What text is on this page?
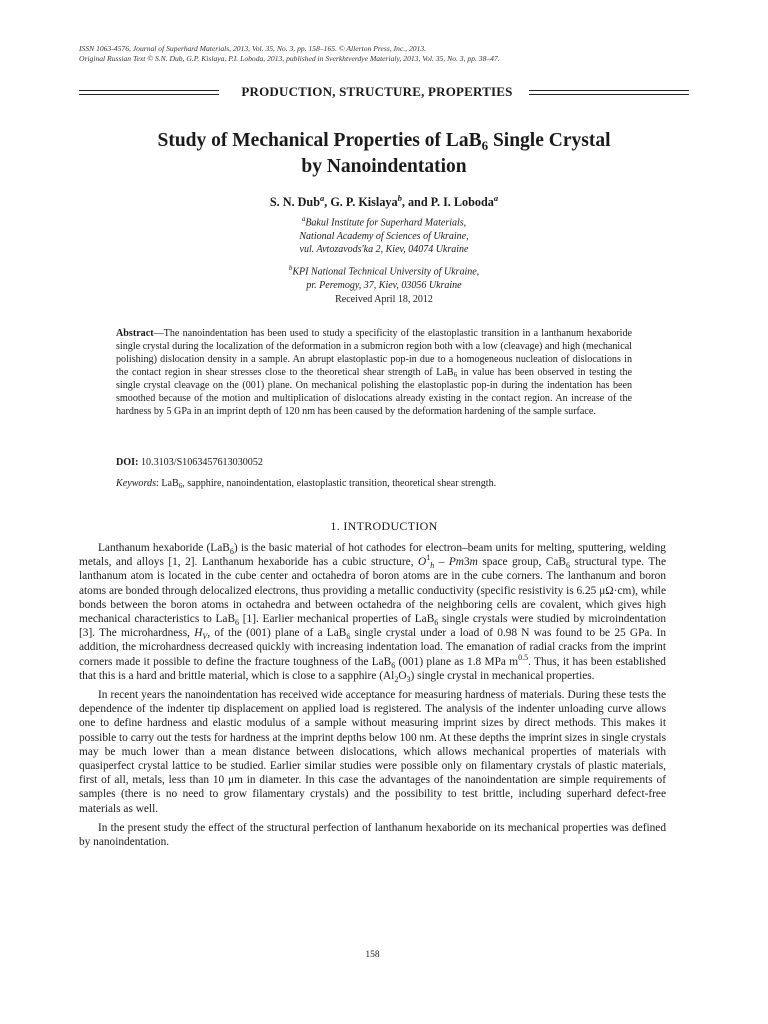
ISSN 1063-4576, Journal of Superhard Materials, 2013, Vol. 35, No. 3, pp. 158–165. © Allerton Press, Inc., 2013.
Original Russian Text © S.N. Dub, G.P. Kislaya, P.I. Loboda, 2013, published in Sverkhtverdye Materialy, 2013, Vol. 35, No. 3, pp. 38–47.
PRODUCTION, STRUCTURE, PROPERTIES
Study of Mechanical Properties of LaB$_6$ Single Crystal
by Nanoindentation
S. N. Dub$^a$, G. P. Kislaya$^b$, and P. I. Loboda$^a$
$^a$Bakul Institute for Superhard Materials,
National Academy of Sciences of Ukraine,
vul. Avtozavods'ka 2, Kiev, 04074 Ukraine
$^b$KPI National Technical University of Ukraine,
pr. Peremogy, 37, Kiev, 03056 Ukraine
Received April 18, 2012
Abstract—The nanoindentation has been used to study a specificity of the elastoplastic transition in a lanthanum hexaboride single crystal during the localization of the deformation in a submicron region both with a low (cleavage) and high (mechanical polishing) dislocation density in a sample. An abrupt elastoplastic pop-in due to a homogeneous nucleation of dislocations in the contact region in shear stresses close to the theoretical shear strength of LaB$_6$ in value has been observed in testing the single crystal cleavage on the (001) plane. On mechanical polishing the elastoplastic pop-in during the indentation has been smoothed because of the motion and multiplication of dislocations already existing in the contact region. An increase of the hardness by 5 GPa in an imprint depth of 120 nm has been caused by the deformation hardening of the sample surface.
DOI: 10.3103/S1063457613030052
Keywords: LaB$_6$, sapphire, nanoindentation, elastoplastic transition, theoretical shear strength.
1. INTRODUCTION

Lanthanum hexaboride (LaB$_6$) is the basic material of hot cathodes for electron–beam units for melting, sputtering, welding metals, and alloys [1, 2]. Lanthanum hexaboride has a cubic structure, $O^1_h - Pm3m$ space group, CaB$_6$ structural type. The lanthanum atom is located in the cube center and octahedra of boron atoms are in the cube corners. The lanthanum and boron atoms are bonded through delocalized electrons, thus providing a metallic conductivity (specific resistivity is 6.25 μΩ·cm), while bonds between the boron atoms in octahedra and between octahedra of the neighboring cells are covalent, which gives high mechanical characteristics to LaB$_6$ [1]. Earlier mechanical properties of LaB$_6$ single crystals were studied by microindentation [3]. The microhardness, $H_V$, of the (001) plane of a LaB$_6$ single crystal under a load of 0.98 N was found to be 25 GPa. In addition, the microhardness decreased quickly with increasing indentation load. The emanation of radial cracks from the imprint corners made it possible to define the fracture toughness of the LaB$_6$ (001) plane as 1.8 MPa $m^{0.5}$. Thus, it has been established that this is a hard and brittle material, which is close to a sapphire $(Al_2O_3)$ single crystal in mechanical properties.

In recent years the nanoindentation has received wide acceptance for measuring hardness of materials. During these tests the dependence of the indenter tip displacement on applied load is registered. The analysis of the indenter unloading curve allows one to define hardness and elastic modulus of a sample without measuring imprint sizes by direct methods. This makes it possible to carry out the tests for hardness at the imprint depths below 100 nm. At these depths the imprint sizes in single crystals may be much lower than a mean distance between dislocations, which allows mechanical properties of materials with quasiperfect crystal lattice to be studied. Earlier similar studies were possible only on filamentary crystals of plastic materials, first of all, metals, less than 10 μm in diameter. In this case the advantages of the nanoindentation are simple requirements of samples (there is no need to grow filamentary crystals) and the possibility to test brittle, including superhard defect-free materials as well.

In the present study the effect of the structural perfection of lanthanum hexaboride on its mechanical properties was defined by nanoindentation.

158
